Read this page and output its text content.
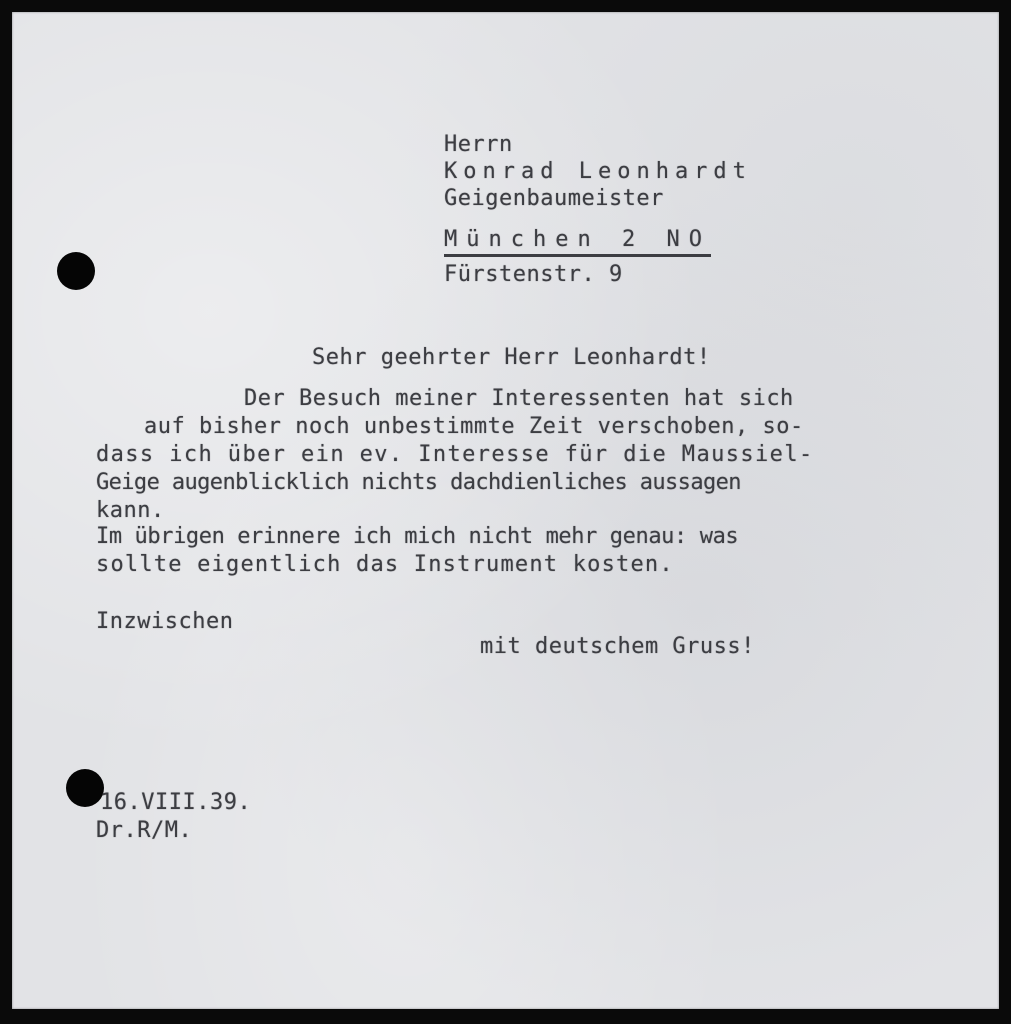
Herrn
Konrad Leonhardt
Geigenbaumeister
München 2 NO
Fürstenstr. 9
Sehr geehrter Herr Leonhardt!
Der Besuch meiner Interessenten hat sich
auf bisher noch unbestimmte Zeit verschoben, so-
dass ich über ein ev. Interesse für die Maussiel-
Geige augenblicklich nichts dachdienliches aussagen
kann.
Im übrigen erinnere ich mich nicht mehr genau: was
sollte eigentlich das Instrument kosten.
Inzwischen
mit deutschem Gruss!
16.VIII.39.
Dr.R/M.
